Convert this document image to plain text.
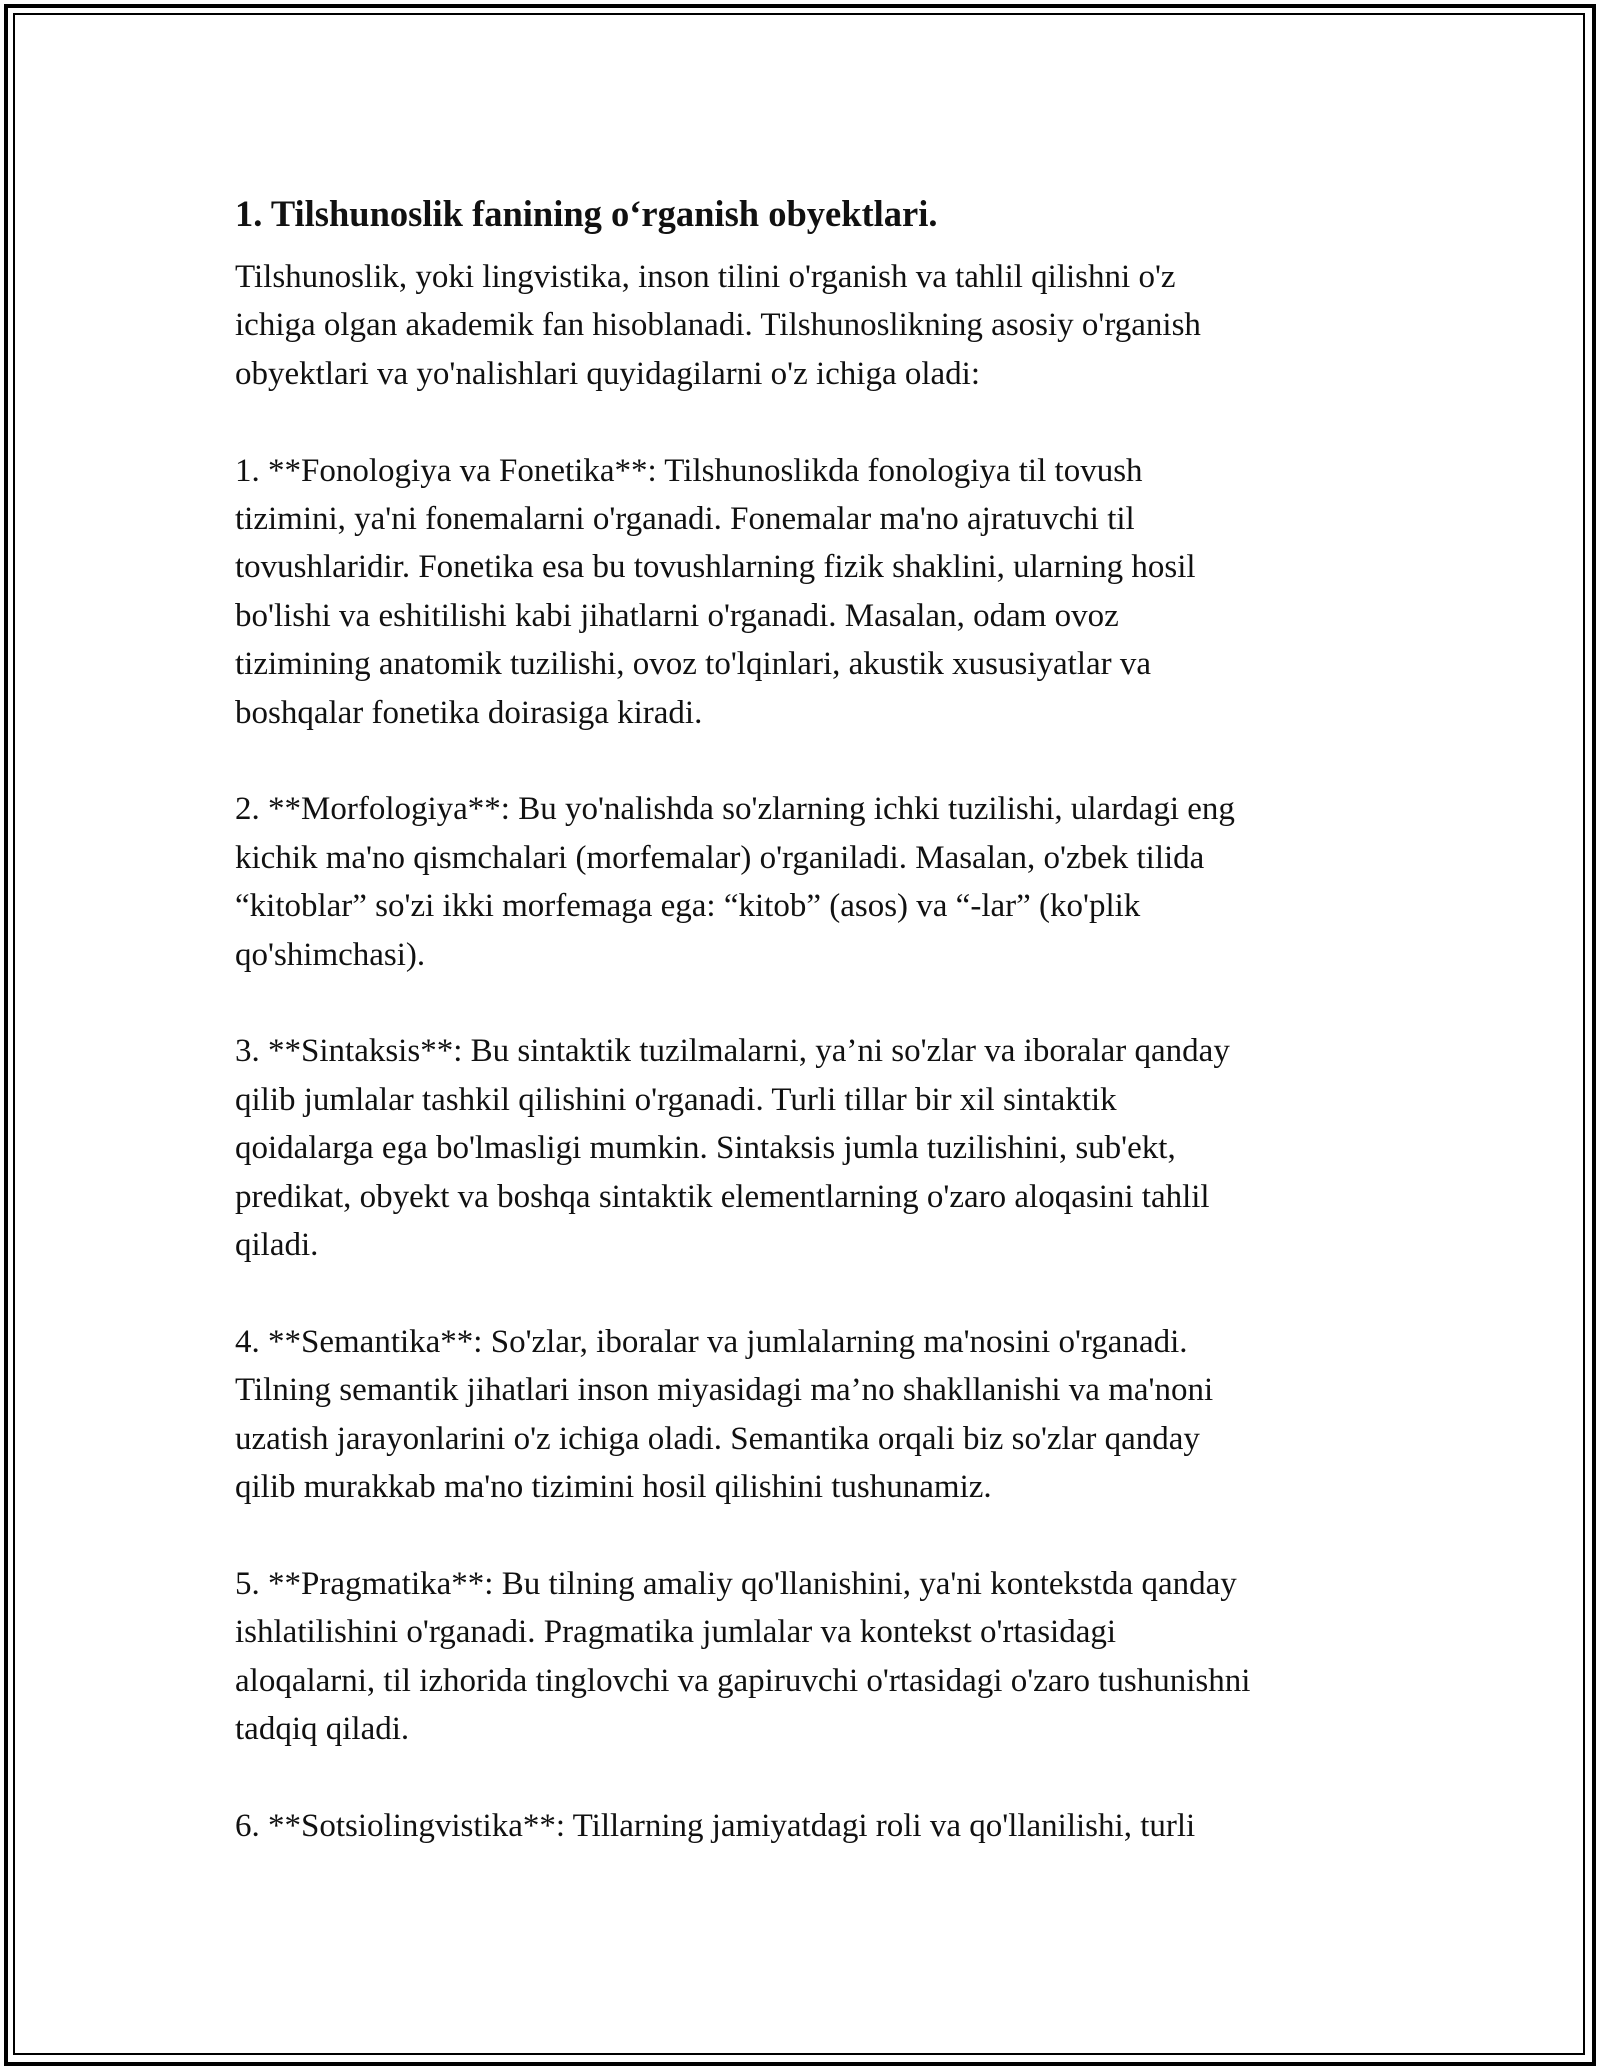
1. Tilshunoslik fanining o‘rganish obyektlari.

Tilshunoslik, yoki lingvistika, inson tilini o'rganish va tahlil qilishni o'z
ichiga olgan akademik fan hisoblanadi. Tilshunoslikning asosiy o'rganish
obyektlari va yo'nalishlari quyidagilarni o'z ichiga oladi:

1. **Fonologiya va Fonetika**: Tilshunoslikda fonologiya til tovush
tizimini, ya'ni fonemalarni o'rganadi. Fonemalar ma'no ajratuvchi til
tovushlaridir. Fonetika esa bu tovushlarning fizik shaklini, ularning hosil
bo'lishi va eshitilishi kabi jihatlarni o'rganadi. Masalan, odam ovoz
tizimining anatomik tuzilishi, ovoz to'lqinlari, akustik xususiyatlar va
boshqalar fonetika doirasiga kiradi.

2. **Morfologiya**: Bu yo'nalishda so'zlarning ichki tuzilishi, ulardagi eng
kichik ma'no qismchalari (morfemalar) o'rganiladi. Masalan, o'zbek tilida
“kitoblar” so'zi ikki morfemaga ega: “kitob” (asos) va “-lar” (ko'plik
qo'shimchasi).

3. **Sintaksis**: Bu sintaktik tuzilmalarni, ya’ni so'zlar va iboralar qanday
qilib jumlalar tashkil qilishini o'rganadi. Turli tillar bir xil sintaktik
qoidalarga ega bo'lmasligi mumkin. Sintaksis jumla tuzilishini, sub'ekt,
predikat, obyekt va boshqa sintaktik elementlarning o'zaro aloqasini tahlil
qiladi.

4. **Semantika**: So'zlar, iboralar va jumlalarning ma'nosini o'rganadi.
Tilning semantik jihatlari inson miyasidagi ma’no shakllanishi va ma'noni
uzatish jarayonlarini o'z ichiga oladi. Semantika orqali biz so'zlar qanday
qilib murakkab ma'no tizimini hosil qilishini tushunamiz.

5. **Pragmatika**: Bu tilning amaliy qo'llanishini, ya'ni kontekstda qanday
ishlatilishini o'rganadi. Pragmatika jumlalar va kontekst o'rtasidagi
aloqalarni, til izhorida tinglovchi va gapiruvchi o'rtasidagi o'zaro tushunishni
tadqiq qiladi.

6. **Sotsiolingvistika**: Tillarning jamiyatdagi roli va qo'llanilishi, turli
